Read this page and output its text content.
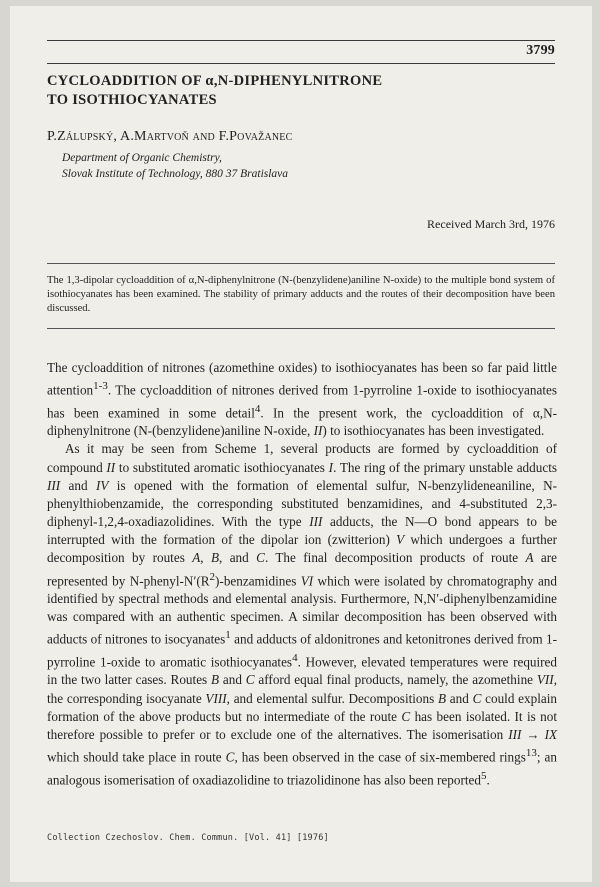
3799
CYCLOADDITION OF α,N-DIPHENYLNITRONE
TO ISOTHIOCYANATES
P.Zálupský, A.Martvoň and F.Považanec
Department of Organic Chemistry,
Slovak Institute of Technology, 880 37 Bratislava
Received March 3rd, 1976
The 1,3-dipolar cycloaddition of α,N-diphenylnitrone (N-(benzylidene)aniline N-oxide) to the multiple bond system of isothiocyanates has been examined. The stability of primary adducts and the routes of their decomposition have been discussed.

The cycloaddition of nitrones (azomethine oxides) to isothiocyanates has been so far paid little attention$^{1-3}$. The cycloaddition of nitrones derived from 1-pyrroline 1-oxide to isothiocyanates has been examined in some detail$^4$. In the present work, the cycloaddition of α,N-diphenylnitrone (N-(benzylidene)aniline N-oxide, II) to isothiocyanates has been investigated.

As it may be seen from Scheme 1, several products are formed by cycloaddition of compound II to substituted aromatic isothiocyanates I. The ring of the primary unstable adducts III and IV is opened with the formation of elemental sulfur, N-benzylideneaniline, N-phenylthiobenzamide, the corresponding substituted benzamidines, and 4-substituted 2,3-diphenyl-1,2,4-oxadiazolidines. With the type III adducts, the N—O bond appears to be interrupted with the formation of the dipolar ion (zwitterion) V which undergoes a further decomposition by routes A, B, and C. The final decomposition products of route A are represented by $N-phenyl-N'(R^2)$-benzamidines VI which were isolated by chromatography and identified by spectral methods and elemental analysis. Furthermore, N,N′-diphenylbenzamidine was compared with an authentic specimen. A similar decomposition has been observed with adducts of nitrones to isocyanates$^1$ and adducts of aldonitrones and ketonitrones derived from 1-pyrroline 1-oxide to aromatic isothiocyanates$^4$. However, elevated temperatures were required in the two latter cases. Routes B and C afford equal final products, namely, the azomethine VII, the corresponding isocyanate VIII, and elemental sulfur. Decompositions B and C could explain formation of the above products but no intermediate of the route C has been isolated. It is not therefore possible to prefer or to exclude one of the alternatives. The isomerisation III → IX which should take place in route C, has been observed in the case of six-membered rings$^{13}$; an analogous isomerisation of oxadiazolidine to triazolidinone has also been reported$^5$.

Collection Czechoslov. Chem. Commun. [Vol. 41] [1976]
